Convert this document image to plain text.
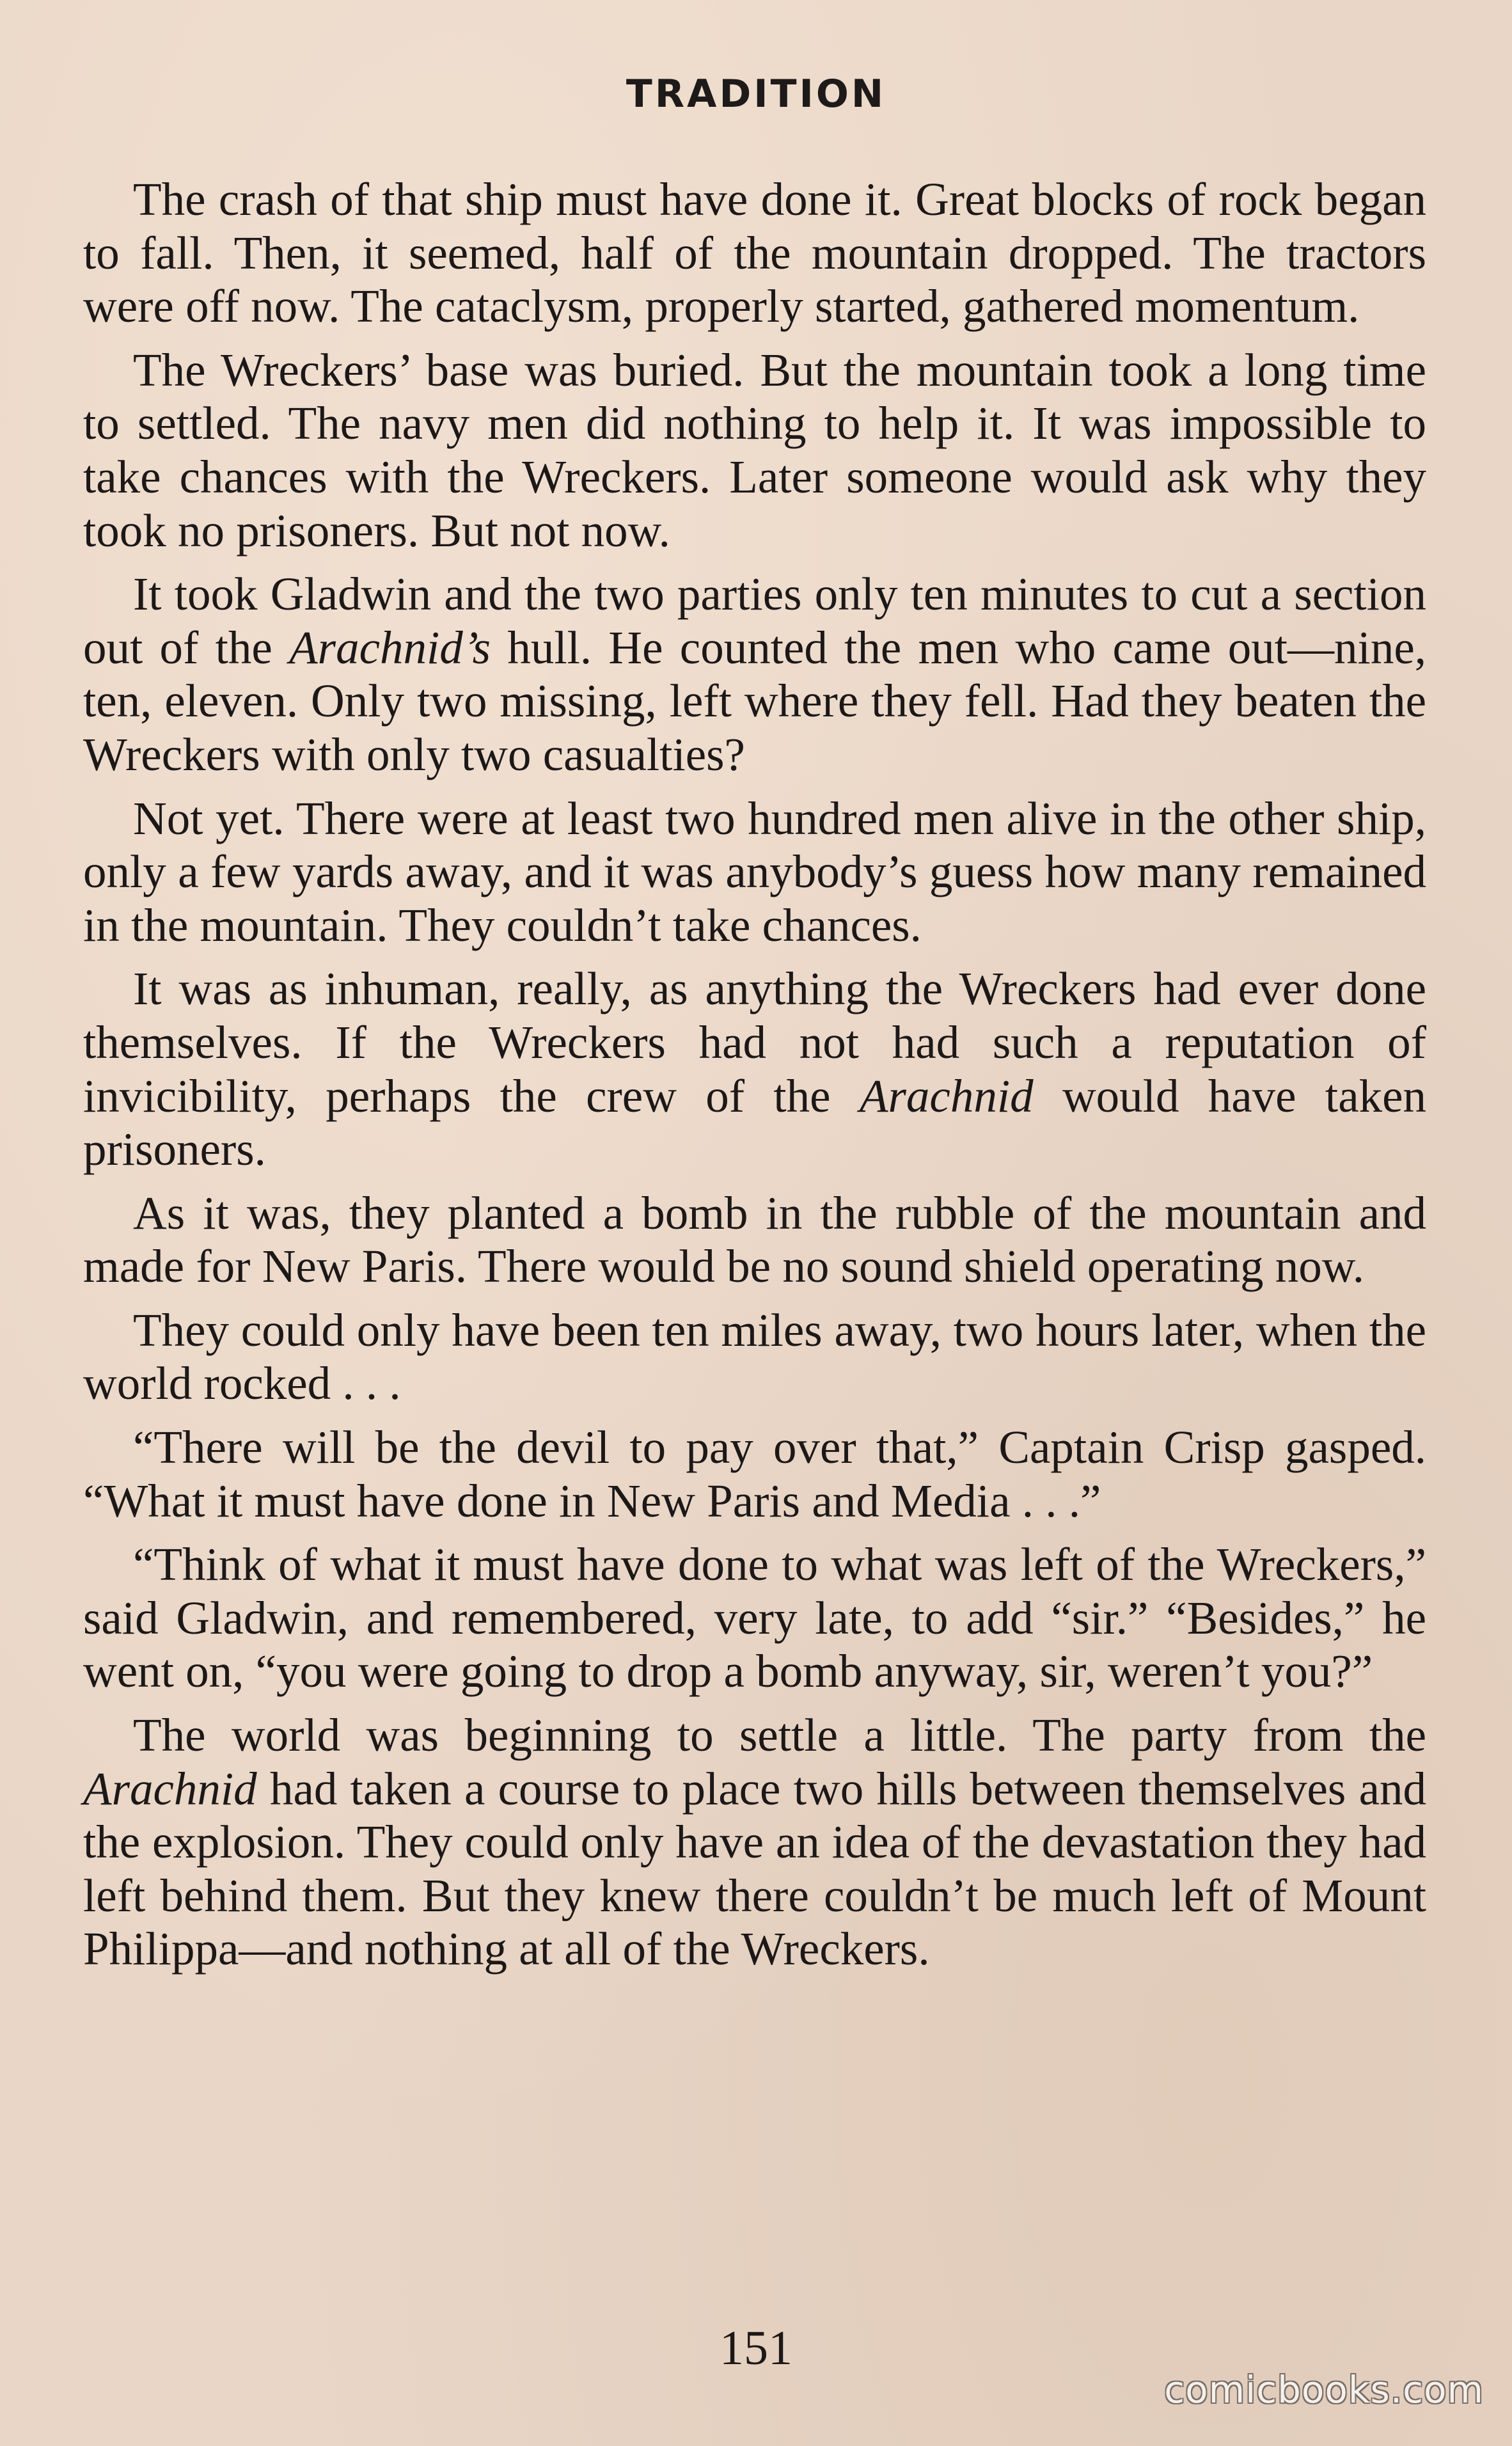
TRADITION

The crash of that ship must have done it. Great blocks of rock began to fall. Then, it seemed, half of the mountain dropped. The tractors were off now. The cataclysm, properly started, gathered momentum.

The Wreckers’ base was buried. But the mountain took a long time to settled. The navy men did nothing to help it. It was impossible to take chances with the Wreckers. Later someone would ask why they took no prisoners. But not now.

It took Gladwin and the two parties only ten minutes to cut a section out of the Arachnid’s hull. He counted the men who came out—nine, ten, eleven. Only two missing, left where they fell. Had they beaten the Wreckers with only two casualties?

Not yet. There were at least two hundred men alive in the other ship, only a few yards away, and it was anybody’s guess how many remained in the mountain. They couldn’t take chances.

It was as inhuman, really, as anything the Wreckers had ever done themselves. If the Wreckers had not had such a reputation of invicibility, perhaps the crew of the Arachnid would have taken prisoners.

As it was, they planted a bomb in the rubble of the mountain and made for New Paris. There would be no sound shield operating now.

They could only have been ten miles away, two hours later, when the world rocked . . .

“There will be the devil to pay over that,” Captain Crisp gasped. “What it must have done in New Paris and Media . . .”

“Think of what it must have done to what was left of the Wreckers,” said Gladwin, and remembered, very late, to add “sir.” “Besides,” he went on, “you were going to drop a bomb anyway, sir, weren’t you?”

The world was beginning to settle a little. The party from the Arachnid had taken a course to place two hills between themselves and the explosion. They could only have an idea of the devastation they had left behind them. But they knew there couldn’t be much left of Mount Philippa—and nothing at all of the Wreckers.

151
comicbooks.com
